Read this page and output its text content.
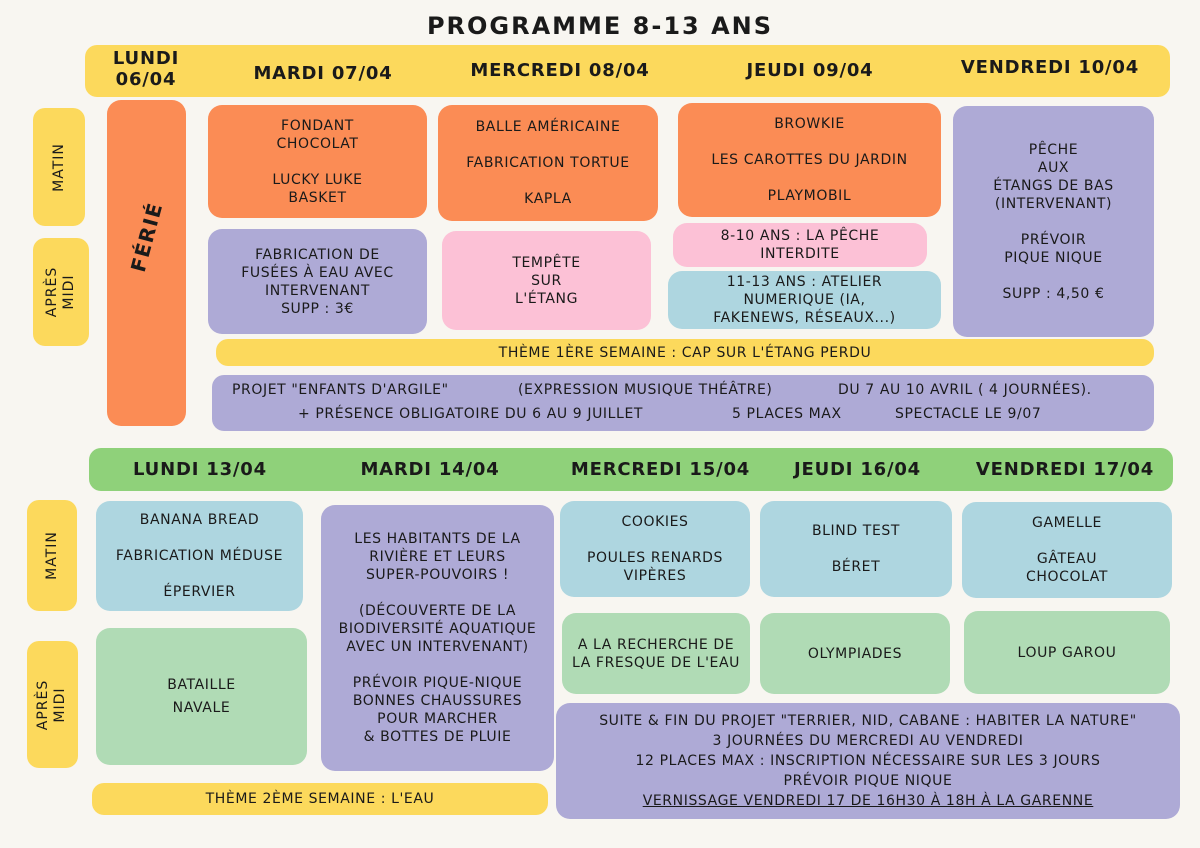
PROGRAMME 8-13 ANS
LUNDI
06/04	MARDI 07/04	MERCREDI 08/04	JEUDI 09/04	VENDREDI 10/04
MATIN
APRÈS
MIDI
FÉRIÉ
FONDANT
CHOCOLAT
LUCKY LUKE
BASKET
FABRICATION DE
FUSÉES À EAU AVEC
INTERVENANT
SUPP : 3€
BALLE AMÉRICAINE
FABRICATION TORTUE
KAPLA
TEMPÊTE
SUR
L'ÉTANG
BROWKIE
LES CAROTTES DU JARDIN
PLAYMOBIL
8-10 ANS : LA PÊCHE
INTERDITE
11-13 ANS : ATELIER
NUMERIQUE (IA,
FAKENEWS, RÉSEAUX...)
PÊCHE
AUX
ÉTANGS DE BAS
(INTERVENANT)
PRÉVOIR
PIQUE NIQUE
SUPP : 4,50 €
THÈME 1ÈRE SEMAINE : CAP SUR L'ÉTANG PERDU
PROJET "ENFANTS D'ARGILE"	(EXPRESSION MUSIQUE THÉÂTRE)	DU 7 AU 10 AVRIL ( 4 JOURNÉES).
+ PRÉSENCE OBLIGATOIRE DU 6 AU 9 JUILLET	5 PLACES MAX	SPECTACLE LE 9/07
LUNDI 13/04	MARDI 14/04	MERCREDI 15/04	JEUDI 16/04	VENDREDI 17/04
MATIN
APRÈS
MIDI
BANANA BREAD
FABRICATION MÉDUSE
ÉPERVIER
BATAILLE
NAVALE
LES HABITANTS DE LA
RIVIÈRE ET LEURS
SUPER-POUVOIRS !
(DÉCOUVERTE DE LA
BIODIVERSITÉ AQUATIQUE
AVEC UN INTERVENANT)
PRÉVOIR PIQUE-NIQUE
BONNES CHAUSSURES
POUR MARCHER
& BOTTES DE PLUIE
COOKIES
POULES RENARDS
VIPÈRES
A LA RECHERCHE DE
LA FRESQUE DE L'EAU
BLIND TEST
BÉRET
OLYMPIADES
GAMELLE
GÂTEAU
CHOCOLAT
LOUP GAROU
SUITE & FIN DU PROJET "TERRIER, NID, CABANE : HABITER LA NATURE"
3 JOURNÉES DU MERCREDI AU VENDREDI
12 PLACES MAX : INSCRIPTION NÉCESSAIRE SUR LES 3 JOURS
PRÉVOIR PIQUE NIQUE
VERNISSAGE VENDREDI 17 DE 16H30 À 18H À LA GARENNE
THÈME 2ÈME SEMAINE : L'EAU
